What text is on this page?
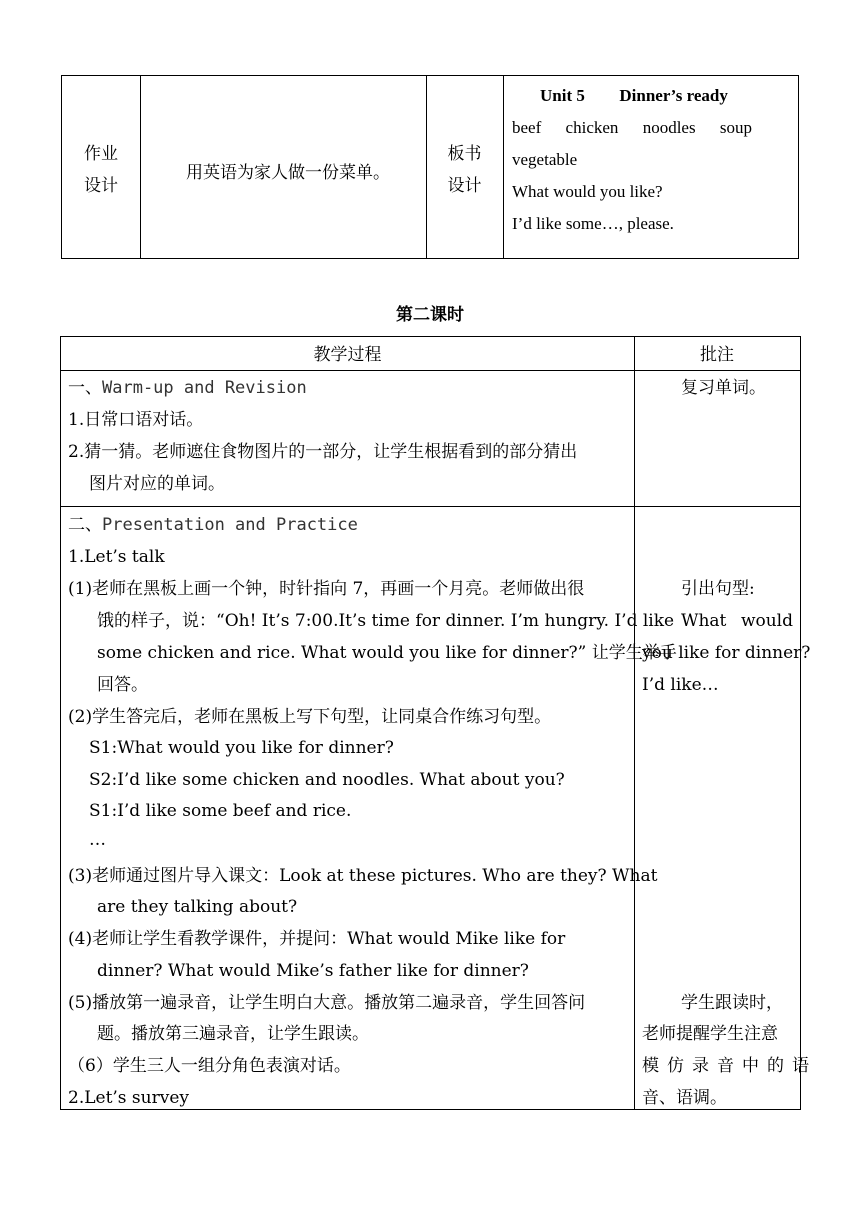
作业
设计
用英语为家人做一份菜单。
板书
设计
Unit 5 Dinner’s ready
beef chicken noodles soup
vegetable
What would you like?
I’d like some…, please.
第二课时
教学过程	批注
一、Warm-up and Revision
1.日常口语对话。
2.猜一猜。老师遮住食物图片的一部分，让学生根据看到的部分猜出
图片对应的单词。
复习单词。
二、Presentation and Practice
1.Let’s talk
(1)老师在黑板上画一个钟，时针指向 7，再画一个月亮。老师做出很
饿的样子，说：“Oh! It’s 7:00.It’s time for dinner. I’m hungry. I’d like
some chicken and rice. What would you like for dinner?” 让学生举手
回答。
(2)学生答完后，老师在黑板上写下句型，让同桌合作练习句型。
S1:What would you like for dinner?
S2:I’d like some chicken and noodles. What about you?
S1:I’d like some beef and rice.
…
(3)老师通过图片导入课文：Look at these pictures. Who are they? What
are they talking about?
(4)老师让学生看教学课件，并提问：What would Mike like for
dinner? What would Mike’s father like for dinner?
(5)播放第一遍录音，让学生明白大意。播放第二遍录音，学生回答问
题。播放第三遍录音，让学生跟读。
（6）学生三人一组分角色表演对话。
2.Let’s survey
引出句型:
What would
you like for dinner?
I’d like…
学生跟读时，
老师提醒学生注意
模仿录音中的语
音、语调。
